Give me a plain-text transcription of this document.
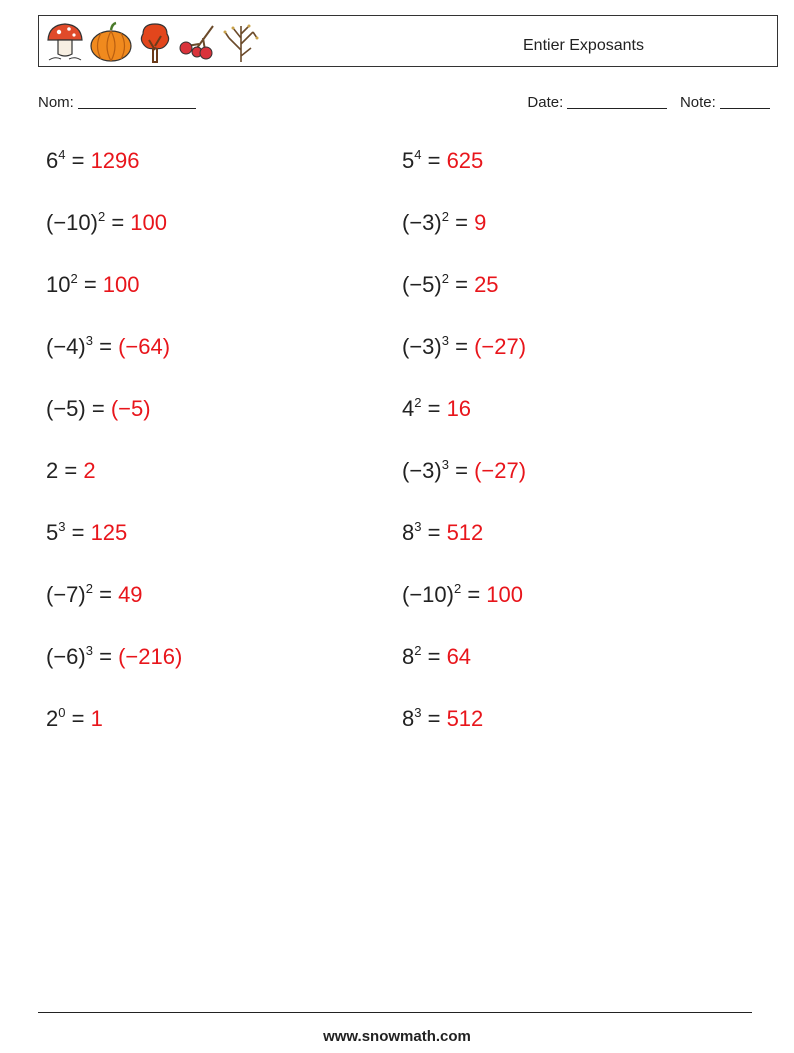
Entier Exposants
Nom:	Date:	Note:
$6^4 = 1296$	$5^4 = 625$
$(-10)^2 = 100$	$(-3)^2 = 9$
$10^2 = 100$	$(-5)^2 = 25$
$(-4)^3 = (-64)$	$(-3)^3 = (-27)$
(−5) = (−5)	$4^2 = 16$
2 = 2	$(-3)^3 = (-27)$
$5^3 = 125$	$8^3 = 512$
$(-7)^2 = 49$	$(-10)^2 = 100$
$(-6)^3 = (-216)$	$8^2 = 64$
$2^0 = 1$	$8^3 = 512$
www.snowmath.com
